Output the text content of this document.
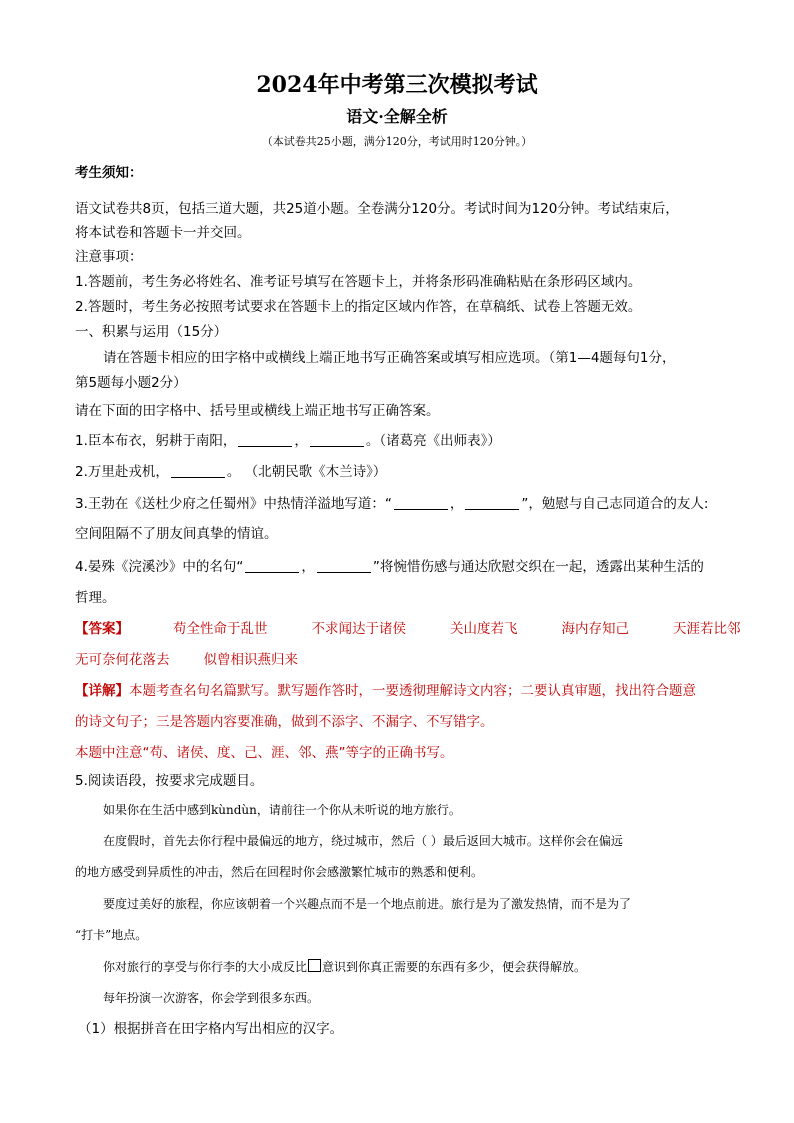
2024年中考第三次模拟考试
语文·全解全析
（本试卷共25小题，满分120分，考试用时120分钟。）
考生须知：
语文试卷共8页，包括三道大题，共25道小题。全卷满分120分。考试时间为120分钟。考试结束后，
将本试卷和答题卡一并交回。
注意事项：
1.答题前，考生务必将姓名、准考证号填写在答题卡上，并将条形码准确粘贴在条形码区域内。
2.答题时，考生务必按照考试要求在答题卡上的指定区域内作答，在草稿纸、试卷上答题无效。
一、积累与运用（15分）
请在答题卡相应的田字格中或横线上端正地书写正确答案或填写相应选项。（第1—4题每句1分，
第5题每小题2分）
请在下面的田字格中、括号里或横线上端正地书写正确答案。
1.臣本布衣，躬耕于南阳，	，	。（诸葛亮《出师表》）
2.万里赴戎机，	。 （北朝民歌《木兰诗》）
3.王勃在《送杜少府之任蜀州》中热情洋溢地写道：“	，	”，勉慰与自己志同道合的友人:
空间阻隔不了朋友间真挚的情谊。
4.晏殊《浣溪沙》中的名句“	，	”将惋惜伤感与通达欣慰交织在一起，透露出某种生活的
哲理。
【答案】	苟全性命于乱世	不求闻达于诸侯	关山度若飞	海内存知己	天涯若比邻
无可奈何花落去	似曾相识燕归来
【详解】本题考查名句名篇默写。默写题作答时，一要透彻理解诗文内容；二要认真审题，找出符合题意
的诗文句子；三是答题内容要准确，做到不添字、不漏字、不写错字。
本题中注意“苟、诸侯、度、己、涯、邻、燕”等字的正确书写。
5.阅读语段，按要求完成题目。
如果你在生活中感到kùndùn，请前往一个你从未听说的地方旅行。
在度假时，首先去你行程中最偏远的地方，绕过城市，然后（ ）最后返回大城市。这样你会在偏远
的地方感受到异质性的冲击，然后在回程时你会感激繁忙城市的熟悉和便利。
要度过美好的旅程，你应该朝着一个兴趣点而不是一个地点前进。旅行是为了激发热情，而不是为了
“打卡”地点。
你对旅行的享受与你行李的大小成反比 意识到你真正需要的东西有多少，便会获得解放。
每年扮演一次游客，你会学到很多东西。
（1）根据拼音在田字格内写出相应的汉字。
